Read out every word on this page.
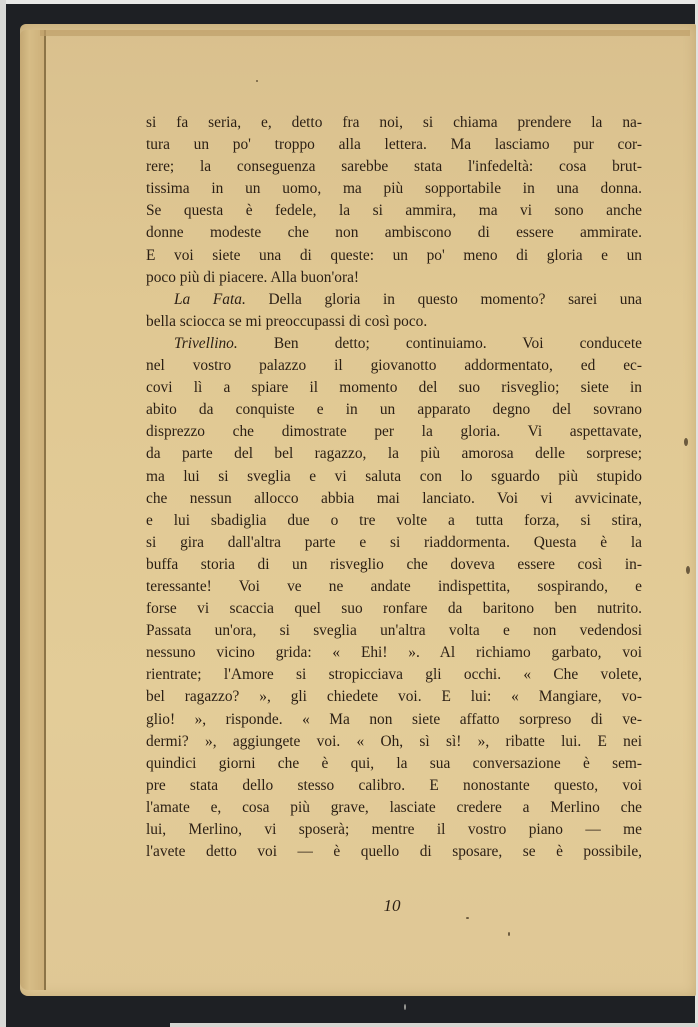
si fa seria, e, detto fra noi, si chiama prendere la na-
tura un po' troppo alla lettera. Ma lasciamo pur cor-
rere; la conseguenza sarebbe stata l'infedeltà: cosa brut-
tissima in un uomo, ma più sopportabile in una donna.
Se questa è fedele, la si ammira, ma vi sono anche
donne modeste che non ambiscono di essere ammirate.
E voi siete una di queste: un po' meno di gloria e un
poco più di piacere. Alla buon'ora!
La Fata. Della gloria in questo momento? sarei una
bella sciocca se mi preoccupassi di così poco.
Trivellino. Ben detto; continuiamo. Voi conducete
nel vostro palazzo il giovanotto addormentato, ed ec-
covi lì a spiare il momento del suo risveglio; siete in
abito da conquiste e in un apparato degno del sovrano
disprezzo che dimostrate per la gloria. Vi aspettavate,
da parte del bel ragazzo, la più amorosa delle sorprese;
ma lui si sveglia e vi saluta con lo sguardo più stupido
che nessun allocco abbia mai lanciato. Voi vi avvicinate,
e lui sbadiglia due o tre volte a tutta forza, si stira,
si gira dall'altra parte e si riaddormenta. Questa è la
buffa storia di un risveglio che doveva essere così in-
teressante! Voi ve ne andate indispettita, sospirando, e
forse vi scaccia quel suo ronfare da baritono ben nutrito.
Passata un'ora, si sveglia un'altra volta e non vedendosi
nessuno vicino grida: « Ehi! ». Al richiamo garbato, voi
rientrate; l'Amore si stropicciava gli occhi. « Che volete,
bel ragazzo? », gli chiedete voi. E lui: « Mangiare, vo-
glio! », risponde. « Ma non siete affatto sorpreso di ve-
dermi? », aggiungete voi. « Oh, sì sì! », ribatte lui. E nei
quindici giorni che è qui, la sua conversazione è sem-
pre stata dello stesso calibro. E nonostante questo, voi
l'amate e, cosa più grave, lasciate credere a Merlino che
lui, Merlino, vi sposerà; mentre il vostro piano — me
l'avete detto voi — è quello di sposare, se è possibile,
10
